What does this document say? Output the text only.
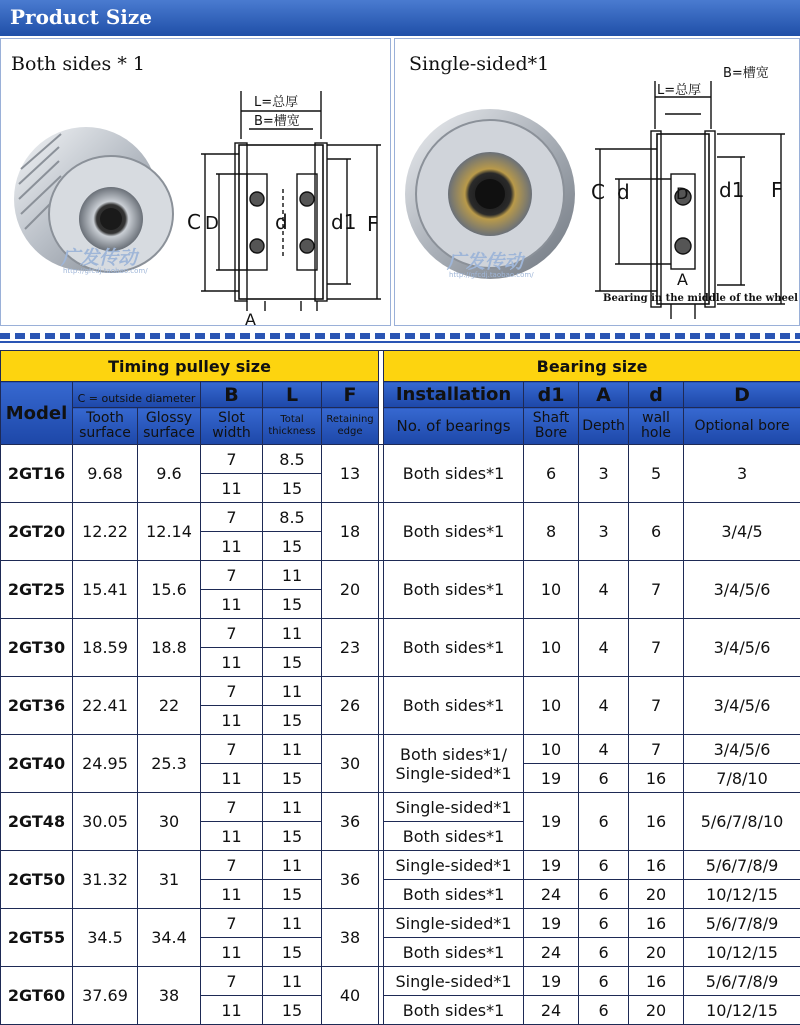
Product Size
Both sides * 1
L=总厚
B=槽宽
C D	d d1 F
A
广发传动
http://gfcdj.taobao.com/
Single-sided*1
L=总厚
B=槽宽
C d	D d1 F
A
Bearing in the middle of the wheel
广发传动
http://gfcdj.taobao.com/
Timing pulley size							Bearing size				
Model	C = outside diameter		B	L	F		Installation	d1	A	d	D
	Tooth surface	Glossy surface	Slot width	Total thickness	Retaining edge		No. of bearings	Shaft Bore	Depth	wall hole	Optional bore
2GT16	9.68	9.6	7	8.5	13		Both sides*1	6	3	5	3
			11	15							
2GT20	12.22	12.14	7	8.5	18		Both sides*1	8	3	6	3/4/5
			11	15							
2GT25	15.41	15.6	7	11	20		Both sides*1	10	4	7	3/4/5/6
			11	15							
2GT30	18.59	18.8	7	11	23		Both sides*1	10	4	7	3/4/5/6
			11	15							
2GT36	22.41	22	7	11	26		Both sides*1	10	4	7	3/4/5/6
			11	15							
2GT40	24.95	25.3	7	11	30		Both sides*1/
Single-sided*1	10	4	7	3/4/5/6
			11	15				19	6	16	7/8/10
2GT48	30.05	30	7	11	36		Single-sided*1	19	6	16	5/6/7/8/10
			11	15			Both sides*1				
2GT50	31.32	31	7	11	36		Single-sided*1	19	6	16	5/6/7/8/9
			11	15			Both sides*1	24	6	20	10/12/15
2GT55	34.5	34.4	7	11	38		Single-sided*1	19	6	16	5/6/7/8/9
			11	15			Both sides*1	24	6	20	10/12/15
2GT60	37.69	38	7	11	40		Single-sided*1	19	6	16	5/6/7/8/9
			11	15			Both sides*1	24	6	20	10/12/15
